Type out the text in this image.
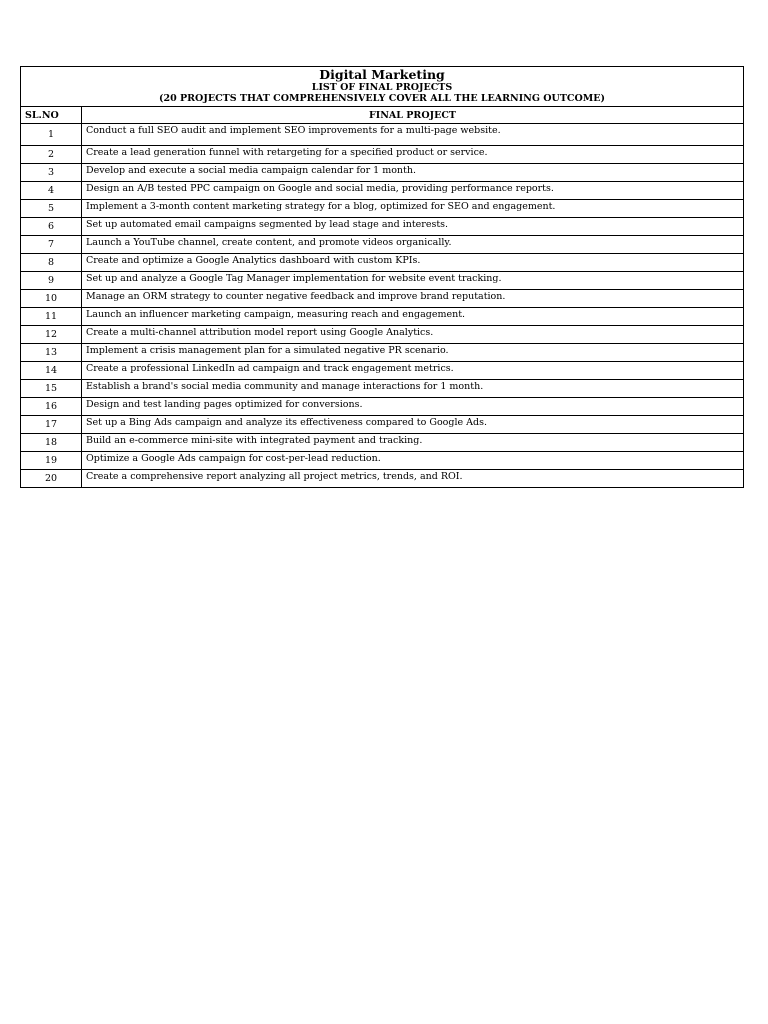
Digital Marketing
LIST OF FINAL PROJECTS
(20 PROJECTS THAT COMPREHENSIVELY COVER ALL THE LEARNING OUTCOME)	

SL.NO	FINAL PROJECT
1	Conduct a full SEO audit and implement SEO improvements for a multi-page website.
2	Create a lead generation funnel with retargeting for a specified product or service.
3	Develop and execute a social media campaign calendar for 1 month.
4	Design an A/B tested PPC campaign on Google and social media, providing performance reports.
5	Implement a 3-month content marketing strategy for a blog, optimized for SEO and engagement.
6	Set up automated email campaigns segmented by lead stage and interests.
7	Launch a YouTube channel, create content, and promote videos organically.
8	Create and optimize a Google Analytics dashboard with custom KPIs.
9	Set up and analyze a Google Tag Manager implementation for website event tracking.
10	Manage an ORM strategy to counter negative feedback and improve brand reputation.
11	Launch an influencer marketing campaign, measuring reach and engagement.
12	Create a multi-channel attribution model report using Google Analytics.
13	Implement a crisis management plan for a simulated negative PR scenario.
14	Create a professional LinkedIn ad campaign and track engagement metrics.
15	Establish a brand's social media community and manage interactions for 1 month.
16	Design and test landing pages optimized for conversions.
17	Set up a Bing Ads campaign and analyze its effectiveness compared to Google Ads.
18	Build an e-commerce mini-site with integrated payment and tracking.
19	Optimize a Google Ads campaign for cost-per-lead reduction.
20	Create a comprehensive report analyzing all project metrics, trends, and ROI.
